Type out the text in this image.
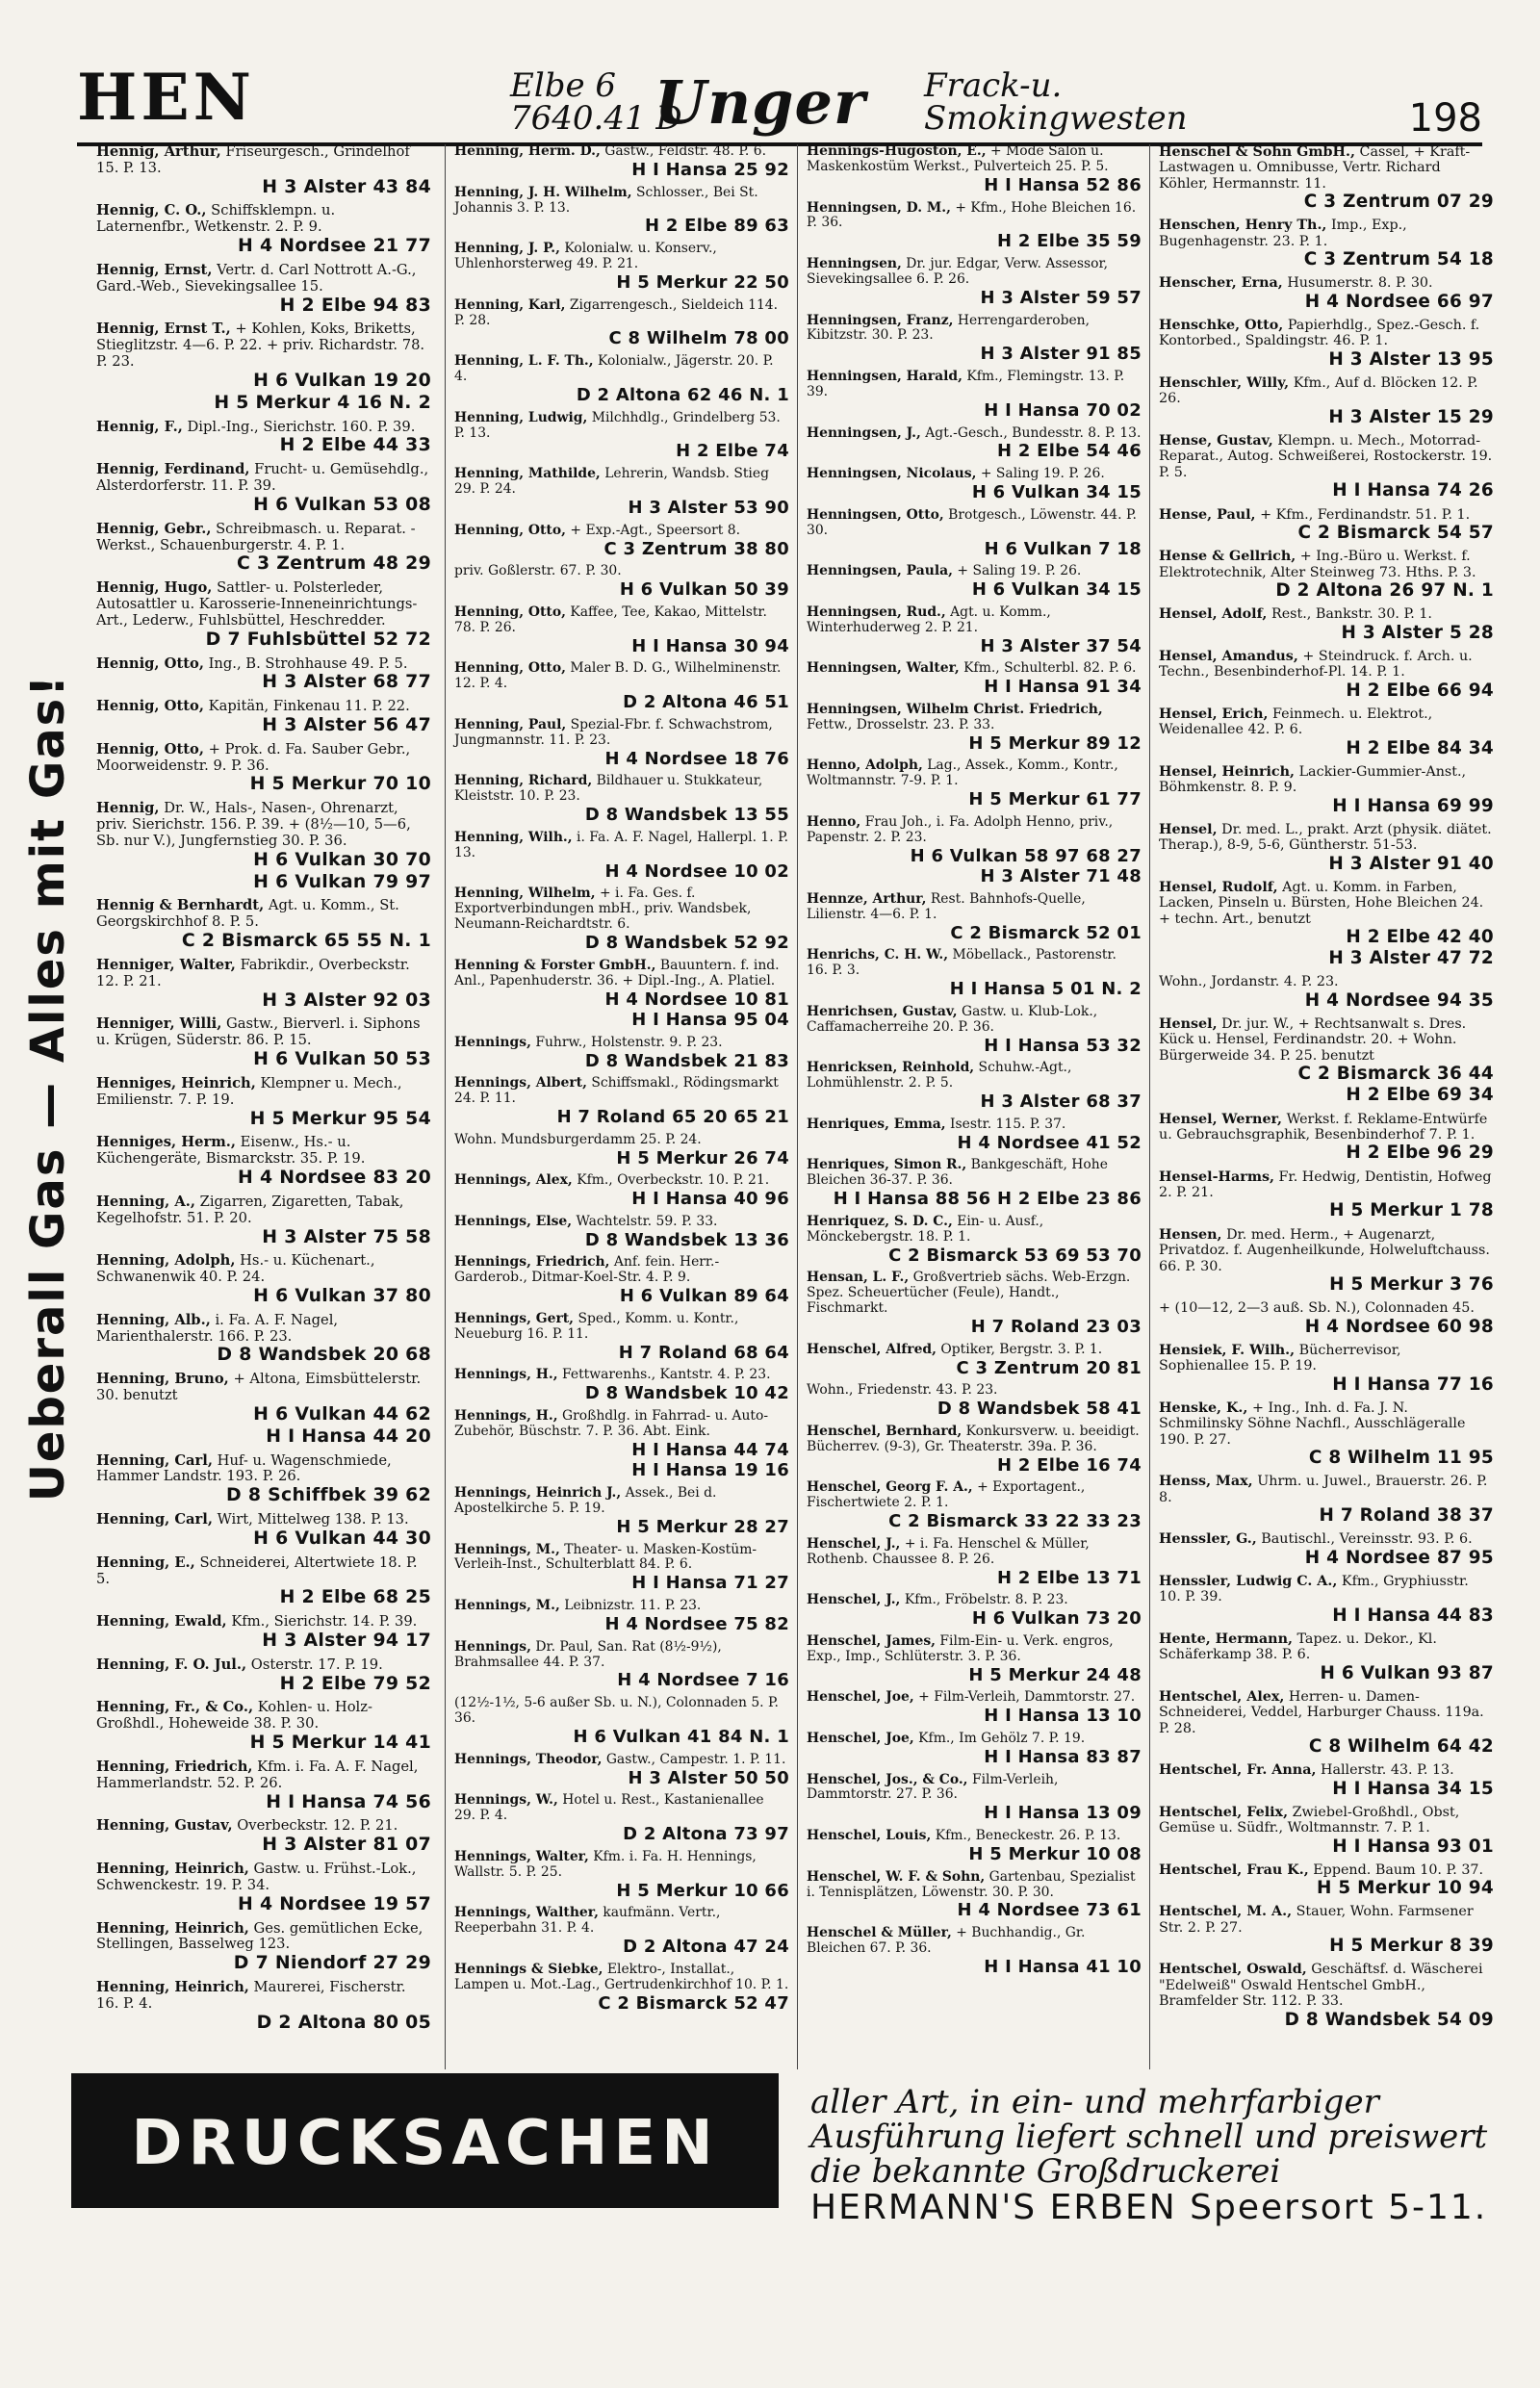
HEN	Elbe 6
7640.41 D
Unger Frack-u.
Smokingwesten	198
Ueberall Gas — Alles mit Gas!
Hennig, Arthur, Friseurgesch., Grindelhof 15. P. 13.
H 3 Alster 43 84
Hennig, C. O., Schiffsklempn. u. Laternenfbr., Wetkenstr. 2. P. 9.
H 4 Nordsee 21 77
Hennig, Ernst, Vertr. d. Carl Nottrott A.-G., Gard.-Web., Sievekingsallee 15.
H 2 Elbe 94 83
Hennig, Ernst T., + Kohlen, Koks, Briketts, Stieglitzstr. 4—6. P. 22. + priv. Richardstr. 78. P. 23.
H 6 Vulkan 19 20
H 5 Merkur 4 16 N. 2
Hennig, F., Dipl.-Ing., Sierichstr. 160. P. 39.
H 2 Elbe 44 33
Hennig, Ferdinand, Frucht- u. Gemüsehdlg., Alsterdorferstr. 11. P. 39.
H 6 Vulkan 53 08
Hennig, Gebr., Schreibmasch. u. Reparat. - Werkst., Schauenburgerstr. 4. P. 1.
C 3 Zentrum 48 29
Hennig, Hugo, Sattler- u. Polsterleder, Autosattler u. Karosserie-Inneneinrichtungs-Art., Lederw., Fuhlsbüttel, Heschredder.
D 7 Fuhlsbüttel 52 72
Hennig, Otto, Ing., B. Strohhause 49. P. 5.
H 3 Alster 68 77
Hennig, Otto, Kapitän, Finkenau 11. P. 22.
H 3 Alster 56 47
Hennig, Otto, + Prok. d. Fa. Sauber Gebr., Moorweidenstr. 9. P. 36.
H 5 Merkur 70 10
Hennig, Dr. W., Hals-, Nasen-, Ohrenarzt, priv. Sierichstr. 156. P. 39. + (8½—10, 5—6, Sb. nur V.), Jungfernstieg 30. P. 36.
H 6 Vulkan 30 70
H 6 Vulkan 79 97
Hennig & Bernhardt, Agt. u. Komm., St. Georgskirchhof 8. P. 5.
C 2 Bismarck 65 55 N. 1
Henniger, Walter, Fabrikdir., Overbeckstr. 12. P. 21.
H 3 Alster 92 03
Henniger, Willi, Gastw., Bierverl. i. Siphons u. Krügen, Süderstr. 86. P. 15.
H 6 Vulkan 50 53
Henniges, Heinrich, Klempner u. Mech., Emilienstr. 7. P. 19.
H 5 Merkur 95 54
Henniges, Herm., Eisenw., Hs.- u. Küchengeräte, Bismarckstr. 35. P. 19.
H 4 Nordsee 83 20
Henning, A., Zigarren, Zigaretten, Tabak, Kegelhofstr. 51. P. 20.
H 3 Alster 75 58
Henning, Adolph, Hs.- u. Küchenart., Schwanenwik 40. P. 24.
H 6 Vulkan 37 80
Henning, Alb., i. Fa. A. F. Nagel, Marienthalerstr. 166. P. 23.
D 8 Wandsbek 20 68
Henning, Bruno, + Altona, Eimsbüttelerstr. 30. benutzt
H 6 Vulkan 44 62
H I Hansa 44 20
Henning, Carl, Huf- u. Wagenschmiede, Hammer Landstr. 193. P. 26.
D 8 Schiffbek 39 62
Henning, Carl, Wirt, Mittelweg 138. P. 13.
H 6 Vulkan 44 30
Henning, E., Schneiderei, Altertwiete 18. P. 5.
H 2 Elbe 68 25
Henning, Ewald, Kfm., Sierichstr. 14. P. 39.
H 3 Alster 94 17
Henning, F. O. Jul., Osterstr. 17. P. 19.
H 2 Elbe 79 52
Henning, Fr., & Co., Kohlen- u. Holz-Großhdl., Hoheweide 38. P. 30.
H 5 Merkur 14 41
Henning, Friedrich, Kfm. i. Fa. A. F. Nagel, Hammerlandstr. 52. P. 26.
H I Hansa 74 56
Henning, Gustav, Overbeckstr. 12. P. 21.
H 3 Alster 81 07
Henning, Heinrich, Gastw. u. Frühst.-Lok., Schwenckestr. 19. P. 34.
H 4 Nordsee 19 57
Henning, Heinrich, Ges. gemütlichen Ecke, Stellingen, Basselweg 123.
D 7 Niendorf 27 29
Henning, Heinrich, Maurerei, Fischerstr. 16. P. 4.
D 2 Altona 80 05
Henning, Herm. D., Gastw., Feldstr. 48. P. 6.
H I Hansa 25 92
Henning, J. H. Wilhelm, Schlosser., Bei St. Johannis 3. P. 13.
H 2 Elbe 89 63
Henning, J. P., Kolonialw. u. Konserv., Uhlenhorsterweg 49. P. 21.
H 5 Merkur 22 50
Henning, Karl, Zigarrengesch., Sieldeich 114. P. 28.
C 8 Wilhelm 78 00
Henning, L. F. Th., Kolonialw., Jägerstr. 20. P. 4.
D 2 Altona 62 46 N. 1
Henning, Ludwig, Milchhdlg., Grindelberg 53. P. 13.
H 2 Elbe 74
Henning, Mathilde, Lehrerin, Wandsb. Stieg 29. P. 24.
H 3 Alster 53 90
Henning, Otto, + Exp.-Agt., Speersort 8.
C 3 Zentrum 38 80
priv. Goßlerstr. 67. P. 30.
H 6 Vulkan 50 39
Henning, Otto, Kaffee, Tee, Kakao, Mittelstr. 78. P. 26.
H I Hansa 30 94
Henning, Otto, Maler B. D. G., Wilhelminenstr. 12. P. 4.
D 2 Altona 46 51
Henning, Paul, Spezial-Fbr. f. Schwachstrom, Jungmannstr. 11. P. 23.
H 4 Nordsee 18 76
Henning, Richard, Bildhauer u. Stukkateur, Kleiststr. 10. P. 23.
D 8 Wandsbek 13 55
Henning, Wilh., i. Fa. A. F. Nagel, Hallerpl. 1. P. 13.
H 4 Nordsee 10 02
Henning, Wilhelm, + i. Fa. Ges. f. Exportverbindungen mbH., priv. Wandsbek, Neumann-Reichardtstr. 6.
D 8 Wandsbek 52 92
Henning & Forster GmbH., Bauuntern. f. ind. Anl., Papenhuderstr. 36. + Dipl.-Ing., A. Platiel.
H 4 Nordsee 10 81
H I Hansa 95 04
Hennings, Fuhrw., Holstenstr. 9. P. 23.
D 8 Wandsbek 21 83
Hennings, Albert, Schiffsmakl., Rödingsmarkt 24. P. 11.
H 7 Roland 65 20 65 21
Wohn. Mundsburgerdamm 25. P. 24.
H 5 Merkur 26 74
Hennings, Alex, Kfm., Overbeckstr. 10. P. 21.
H I Hansa 40 96
Hennings, Else, Wachtelstr. 59. P. 33.
D 8 Wandsbek 13 36
Hennings, Friedrich, Anf. fein. Herr.-Garderob., Ditmar-Koel-Str. 4. P. 9.
H 6 Vulkan 89 64
Hennings, Gert, Sped., Komm. u. Kontr., Neueburg 16. P. 11.
H 7 Roland 68 64
Hennings, H., Fettwarenhs., Kantstr. 4. P. 23.
D 8 Wandsbek 10 42
Hennings, H., Großhdlg. in Fahrrad- u. Auto-Zubehör, Büschstr. 7. P. 36. Abt. Eink.
H I Hansa 44 74
H I Hansa 19 16
Hennings, Heinrich J., Assek., Bei d. Apostelkirche 5. P. 19.
H 5 Merkur 28 27
Hennings, M., Theater- u. Masken-Kostüm-Verleih-Inst., Schulterblatt 84. P. 6.
H I Hansa 71 27
Hennings, M., Leibnizstr. 11. P. 23.
H 4 Nordsee 75 82
Hennings, Dr. Paul, San. Rat (8½-9½), Brahmsallee 44. P. 37.
H 4 Nordsee 7 16
(12½-1½, 5-6 außer Sb. u. N.), Colonnaden 5. P. 36.
H 6 Vulkan 41 84 N. 1
Hennings, Theodor, Gastw., Campestr. 1. P. 11.
H 3 Alster 50 50
Hennings, W., Hotel u. Rest., Kastanienallee 29. P. 4.
D 2 Altona 73 97
Hennings, Walter, Kfm. i. Fa. H. Hennings, Wallstr. 5. P. 25.
H 5 Merkur 10 66
Hennings, Walther, kaufmänn. Vertr., Reeperbahn 31. P. 4.
D 2 Altona 47 24
Hennings & Siebke, Elektro-, Installat., Lampen u. Mot.-Lag., Gertrudenkirchhof 10. P. 1.
C 2 Bismarck 52 47
Hennings-Hugoston, E., + Mode Salon u. Maskenkostüm Werkst., Pulverteich 25. P. 5.
H I Hansa 52 86
Henningsen, D. M., + Kfm., Hohe Bleichen 16. P. 36.
H 2 Elbe 35 59
Henningsen, Dr. jur. Edgar, Verw. Assessor, Sievekingsallee 6. P. 26.
H 3 Alster 59 57
Henningsen, Franz, Herrengarderoben, Kibitzstr. 30. P. 23.
H 3 Alster 91 85
Henningsen, Harald, Kfm., Flemingstr. 13. P. 39.
H I Hansa 70 02
Henningsen, J., Agt.-Gesch., Bundesstr. 8. P. 13.
H 2 Elbe 54 46
Henningsen, Nicolaus, + Saling 19. P. 26.
H 6 Vulkan 34 15
Henningsen, Otto, Brotgesch., Löwenstr. 44. P. 30.
H 6 Vulkan 7 18
Henningsen, Paula, + Saling 19. P. 26.
H 6 Vulkan 34 15
Henningsen, Rud., Agt. u. Komm., Winterhuderweg 2. P. 21.
H 3 Alster 37 54
Henningsen, Walter, Kfm., Schulterbl. 82. P. 6.
H I Hansa 91 34
Henningsen, Wilhelm Christ. Friedrich, Fettw., Drosselstr. 23. P. 33.
H 5 Merkur 89 12
Henno, Adolph, Lag., Assek., Komm., Kontr., Woltmannstr. 7-9. P. 1.
H 5 Merkur 61 77
Henno, Frau Joh., i. Fa. Adolph Henno, priv., Papenstr. 2. P. 23.
H 6 Vulkan 58 97 68 27
H 3 Alster 71 48
Hennze, Arthur, Rest. Bahnhofs-Quelle, Lilienstr. 4—6. P. 1.
C 2 Bismarck 52 01
Henrichs, C. H. W., Möbellack., Pastorenstr. 16. P. 3.
H I Hansa 5 01 N. 2
Henrichsen, Gustav, Gastw. u. Klub-Lok., Caffamacherreihe 20. P. 36.
H I Hansa 53 32
Henricksen, Reinhold, Schuhw.-Agt., Lohmühlenstr. 2. P. 5.
H 3 Alster 68 37
Henriques, Emma, Isestr. 115. P. 37.
H 4 Nordsee 41 52
Henriques, Simon R., Bankgeschäft, Hohe Bleichen 36-37. P. 36.
H I Hansa 88 56 H 2 Elbe 23 86
Henriquez, S. D. C., Ein- u. Ausf., Mönckebergstr. 18. P. 1.
C 2 Bismarck 53 69 53 70
Hensan, L. F., Großvertrieb sächs. Web-Erzgn. Spez. Scheuertücher (Feule), Handt., Fischmarkt.
H 7 Roland 23 03
Henschel, Alfred, Optiker, Bergstr. 3. P. 1.
C 3 Zentrum 20 81
Wohn., Friedenstr. 43. P. 23.
D 8 Wandsbek 58 41
Henschel, Bernhard, Konkursverw. u. beeidigt. Bücherrev. (9-3), Gr. Theaterstr. 39a. P. 36.
H 2 Elbe 16 74
Henschel, Georg F. A., + Exportagent., Fischertwiete 2. P. 1.
C 2 Bismarck 33 22 33 23
Henschel, J., + i. Fa. Henschel & Müller, Rothenb. Chaussee 8. P. 26.
H 2 Elbe 13 71
Henschel, J., Kfm., Fröbelstr. 8. P. 23.
H 6 Vulkan 73 20
Henschel, James, Film-Ein- u. Verk. engros, Exp., Imp., Schlüterstr. 3. P. 36.
H 5 Merkur 24 48
Henschel, Joe, + Film-Verleih, Dammtorstr. 27.
H I Hansa 13 10
Henschel, Joe, Kfm., Im Gehölz 7. P. 19.
H I Hansa 83 87
Henschel, Jos., & Co., Film-Verleih, Dammtorstr. 27. P. 36.
H I Hansa 13 09
Henschel, Louis, Kfm., Beneckestr. 26. P. 13.
H 5 Merkur 10 08
Henschel, W. F. & Sohn, Gartenbau, Spezialist i. Tennisplätzen, Löwenstr. 30. P. 30.
H 4 Nordsee 73 61
Henschel & Müller, + Buchhandig., Gr. Bleichen 67. P. 36.
H I Hansa 41 10
Henschel & Sohn GmbH., Cassel, + Kraft-Lastwagen u. Omnibusse, Vertr. Richard Köhler, Hermannstr. 11.
C 3 Zentrum 07 29
Henschen, Henry Th., Imp., Exp., Bugenhagenstr. 23. P. 1.
C 3 Zentrum 54 18
Henscher, Erna, Husumerstr. 8. P. 30.
H 4 Nordsee 66 97
Henschke, Otto, Papierhdlg., Spez.-Gesch. f. Kontorbed., Spaldingstr. 46. P. 1.
H 3 Alster 13 95
Henschler, Willy, Kfm., Auf d. Blöcken 12. P. 26.
H 3 Alster 15 29
Hense, Gustav, Klempn. u. Mech., Motorrad-Reparat., Autog. Schweißerei, Rostockerstr. 19. P. 5.
H I Hansa 74 26
Hense, Paul, + Kfm., Ferdinandstr. 51. P. 1.
C 2 Bismarck 54 57
Hense & Gellrich, + Ing.-Büro u. Werkst. f. Elektrotechnik, Alter Steinweg 73. Hths. P. 3.
D 2 Altona 26 97 N. 1
Hensel, Adolf, Rest., Bankstr. 30. P. 1.
H 3 Alster 5 28
Hensel, Amandus, + Steindruck. f. Arch. u. Techn., Besenbinderhof-Pl. 14. P. 1.
H 2 Elbe 66 94
Hensel, Erich, Feinmech. u. Elektrot., Weidenallee 42. P. 6.
H 2 Elbe 84 34
Hensel, Heinrich, Lackier-Gummier-Anst., Böhmkenstr. 8. P. 9.
H I Hansa 69 99
Hensel, Dr. med. L., prakt. Arzt (physik. diätet. Therap.), 8-9, 5-6, Güntherstr. 51-53.
H 3 Alster 91 40
Hensel, Rudolf, Agt. u. Komm. in Farben, Lacken, Pinseln u. Bürsten, Hohe Bleichen 24. + techn. Art., benutzt
H 2 Elbe 42 40
H 3 Alster 47 72
Wohn., Jordanstr. 4. P. 23.
H 4 Nordsee 94 35
Hensel, Dr. jur. W., + Rechtsanwalt s. Dres. Kück u. Hensel, Ferdinandstr. 20. + Wohn. Bürgerweide 34. P. 25. benutzt
C 2 Bismarck 36 44
H 2 Elbe 69 34
Hensel, Werner, Werkst. f. Reklame-Entwürfe u. Gebrauchsgraphik, Besenbinderhof 7. P. 1.
H 2 Elbe 96 29
Hensel-Harms, Fr. Hedwig, Dentistin, Hofweg 2. P. 21.
H 5 Merkur 1 78
Hensen, Dr. med. Herm., + Augenarzt, Privatdoz. f. Augenheilkunde, Holweluftchauss. 66. P. 30.
H 5 Merkur 3 76
+ (10—12, 2—3 auß. Sb. N.), Colonnaden 45.
H 4 Nordsee 60 98
Hensiek, F. Wilh., Bücherrevisor, Sophienallee 15. P. 19.
H I Hansa 77 16
Henske, K., + Ing., Inh. d. Fa. J. N. Schmilinsky Söhne Nachfl., Ausschlägeralle 190. P. 27.
C 8 Wilhelm 11 95
Henss, Max, Uhrm. u. Juwel., Brauerstr. 26. P. 8.
H 7 Roland 38 37
Henssler, G., Bautischl., Vereinsstr. 93. P. 6.
H 4 Nordsee 87 95
Henssler, Ludwig C. A., Kfm., Gryphiusstr. 10. P. 39.
H I Hansa 44 83
Hente, Hermann, Tapez. u. Dekor., Kl. Schäferkamp 38. P. 6.
H 6 Vulkan 93 87
Hentschel, Alex, Herren- u. Damen-Schneiderei, Veddel, Harburger Chauss. 119a. P. 28.
C 8 Wilhelm 64 42
Hentschel, Fr. Anna, Hallerstr. 43. P. 13.
H I Hansa 34 15
Hentschel, Felix, Zwiebel-Großhdl., Obst, Gemüse u. Südfr., Woltmannstr. 7. P. 1.
H I Hansa 93 01
Hentschel, Frau K., Eppend. Baum 10. P. 37.
H 5 Merkur 10 94
Hentschel, M. A., Stauer, Wohn. Farmsener Str. 2. P. 27.
H 5 Merkur 8 39
Hentschel, Oswald, Geschäftsf. d. Wäscherei "Edelweiß" Oswald Hentschel GmbH., Bramfelder Str. 112. P. 33.
D 8 Wandsbek 54 09
DRUCKSACHEN
aller Art, in ein- und mehrfarbiger
Ausführung liefert schnell und preiswert
die bekannte Großdruckerei
HERMANN'S ERBEN Speersort 5-11.
